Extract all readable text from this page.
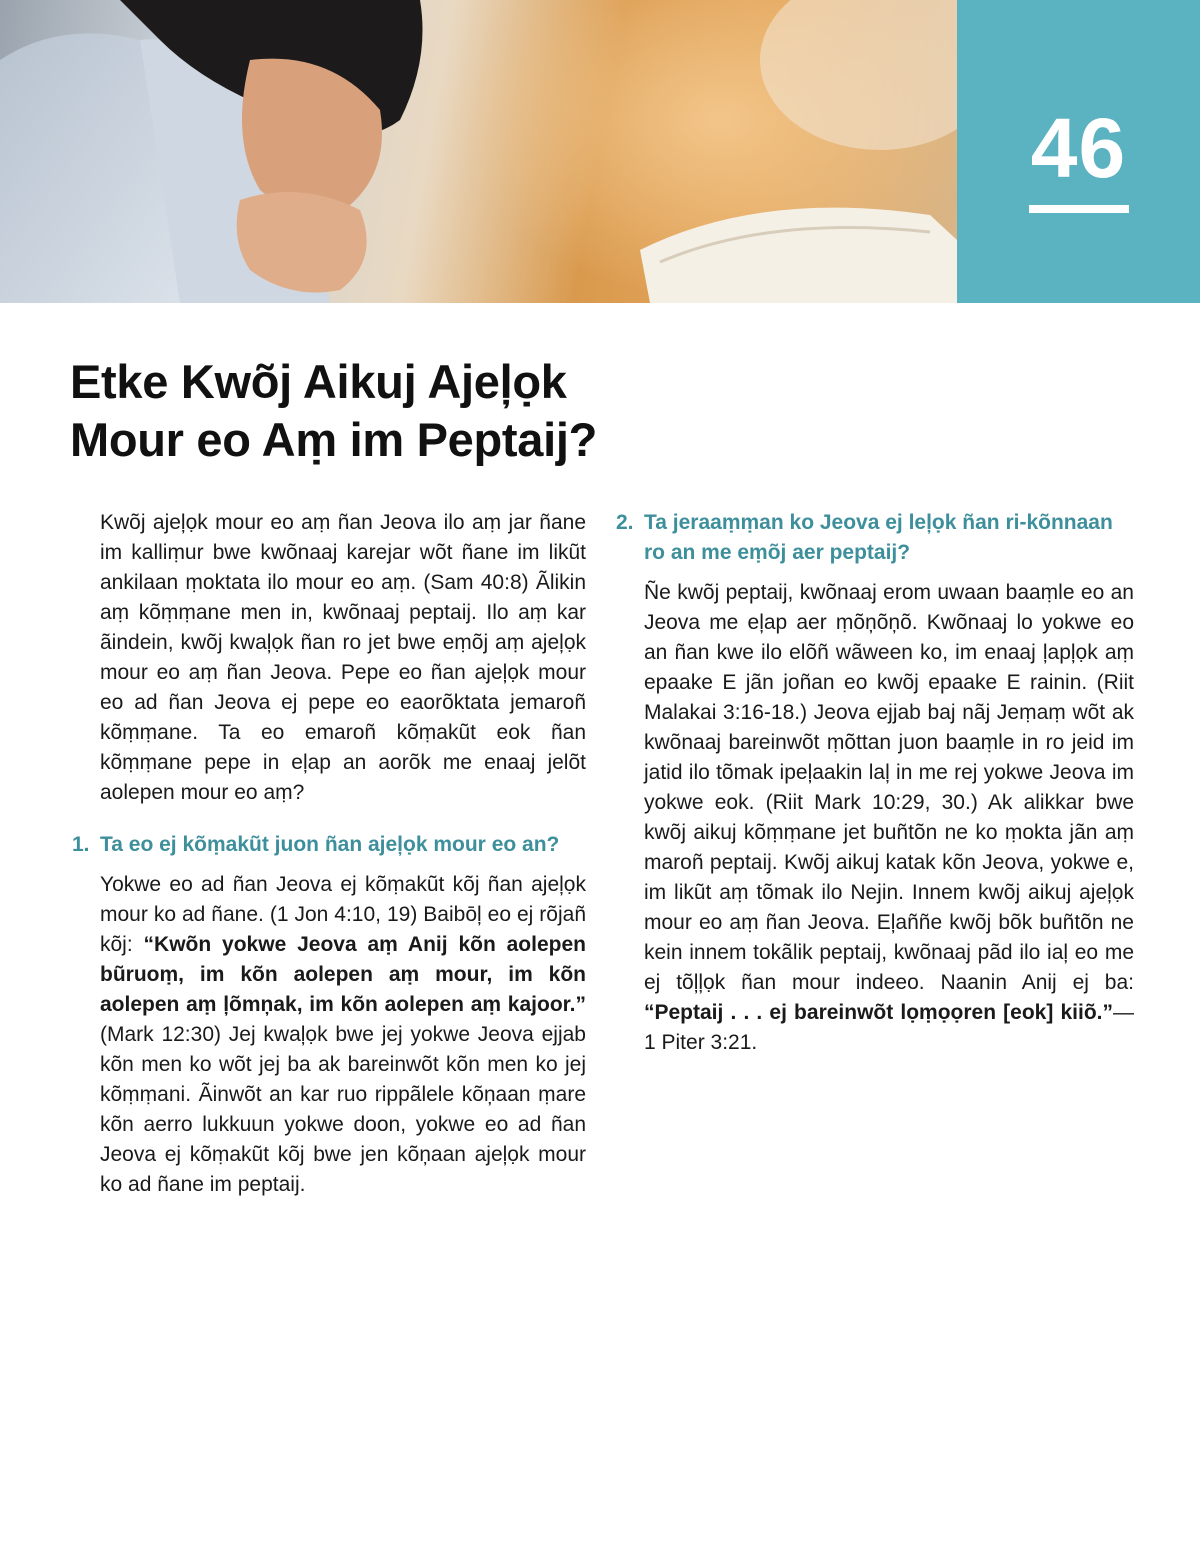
46
Etke Kwõj Aikuj Ajeļọk
Mour eo Aṃ im Peptaij?

Kwõj ajeļọk mour eo aṃ ñan Jeova ilo aṃ jar ñane im kalliṃur bwe kwõnaaj karejar wõt ñane im likũt ankilaan ṃoktata ilo mour eo aṃ. (Sam 40:8) Ãlikin aṃ kõṃṃane men in, kwõnaaj peptaij. Ilo aṃ kar ãindein, kwõj kwaļọk ñan ro jet bwe eṃõj aṃ ajeļọk mour eo aṃ ñan Jeova. Pepe eo ñan ajeļọk mour eo ad ñan Jeova ej pepe eo eaorõktata jemaroñ kõṃṃane. Ta eo emaroñ kõṃakũt eok ñan kõṃṃane pepe in eļap an aorõk me enaaj jelõt aolepen mour eo aṃ?

1. Ta eo ej kõṃakũt juon ñan ajeļọk mour eo an?

Yokwe eo ad ñan Jeova ej kõṃakũt kõj ñan ajeļọk mour ko ad ñane. (1 Jon 4:10, 19) Baibōļ eo ej rõjañ kõj: “Kwõn yokwe Jeova aṃ Anij kõn aolepen bũruoṃ, im kõn aolepen aṃ mour, im kõn aolepen aṃ ļõmņak, im kõn aolepen aṃ kajoor.” (Mark 12:30) Jej kwaļọk bwe jej yokwe Jeova ejjab kõn men ko wõt jej ba ak bareinwõt kõn men ko jej kõṃṃani. Ãinwõt an kar ruo rippãlele kõņaan ṃare kõn aerro lukkuun yokwe doon, yokwe eo ad ñan Jeova ej kõṃakũt kõj bwe jen kõņaan ajeļọk mour ko ad ñane im peptaij.

2. Ta jeraaṃṃan ko Jeova ej leļọk ñan ri-kõnnaan ro an me eṃõj aer peptaij?

Ñe kwõj peptaij, kwõnaaj erom uwaan baaṃle eo an Jeova me eļap aer ṃõņõņõ. Kwõnaaj lo yokwe eo an ñan kwe ilo elõñ wãween ko, im enaaj ļapļọk aṃ epaake E jãn joñan eo kwõj epaake E rainin. (Riit Malakai 3:16-18.) Jeova ejjab baj nãj Jeṃaṃ wõt ak kwõnaaj bareinwõt ṃõttan juon baaṃle in ro jeid im jatid ilo tõmak ipeļaakin laļ in me rej yokwe Jeova im yokwe eok. (Riit Mark 10:29, 30.) Ak alikkar bwe kwõj aikuj kõṃṃane jet buñtõn ne ko ṃokta jãn aṃ maroñ peptaij. Kwõj aikuj katak kõn Jeova, yokwe e, im likũt aṃ tõmak ilo Nejin. Innem kwõj aikuj ajeļọk mour eo aṃ ñan Jeova. Eļaññe kwõj bõk buñtõn ne kein innem tokãlik peptaij, kwõnaaj pãd ilo iaļ eo me ej tõļļọk ñan mour indeeo. Naanin Anij ej ba: “Peptaij . . . ej bareinwõt lọṃọọren [eok] kiiõ.”—1 Piter 3:21.
